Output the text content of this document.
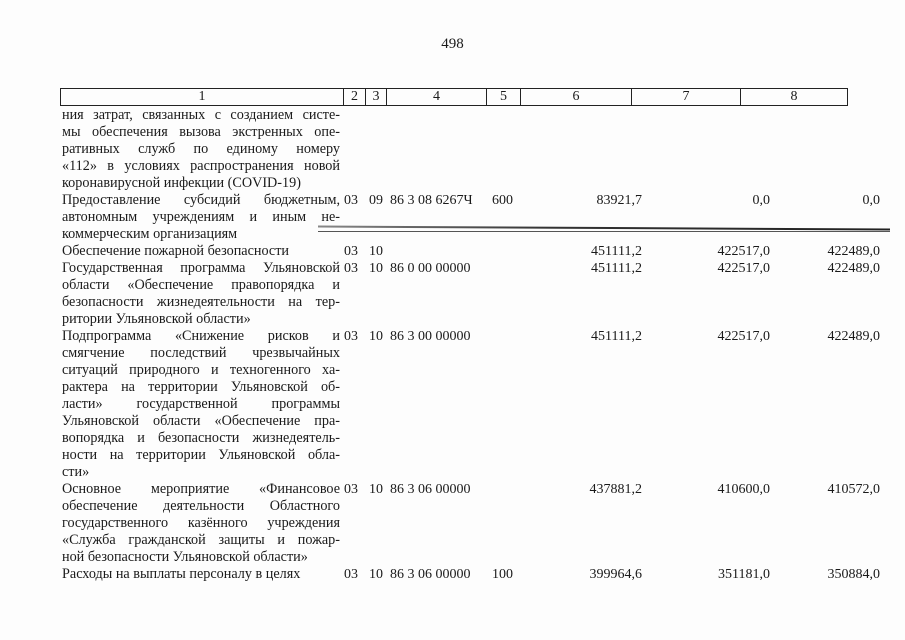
498
1	2	3	4	5	6	7	8
ния затрат, связанных с созданием систе-
мы обеспечения вызова экстренных опе-
ративных служб по единому номеру
«112» в условиях распространения новой
коронавирусной инфекции (COVID-19)
Предоставление субсидий бюджетным,
автономным учреждениям и иным не-
коммерческим организациям
03 09 86 3 08 6267Ч	600	83921,7	0,0	0,0
Обеспечение пожарной безопасности	03 10	451111,2	422517,0	422489,0
Государственная программа Ульяновской
области «Обеспечение правопорядка и
безопасности жизнедеятельности на тер-
ритории Ульяновской области»
03 10 86 0 00 00000	451111,2	422517,0	422489,0
Подпрограмма «Снижение рисков и
смягчение последствий чрезвычайных
ситуаций природного и техногенного ха-
рактера на территории Ульяновской об-
ласти» государственной программы
Ульяновской области «Обеспечение пра-
вопорядка и безопасности жизнедеятель-
ности на территории Ульяновской обла-
сти»
03 10 86 3 00 00000	451111,2	422517,0	422489,0
Основное мероприятие «Финансовое
обеспечение деятельности Областного
государственного казённого учреждения
«Служба гражданской защиты и пожар-
ной безопасности Ульяновской области»
03 10 86 3 06 00000	437881,2	410600,0	410572,0
Расходы на выплаты персоналу в целях	03 10 86 3 06 00000	100	399964,6	351181,0	350884,0
